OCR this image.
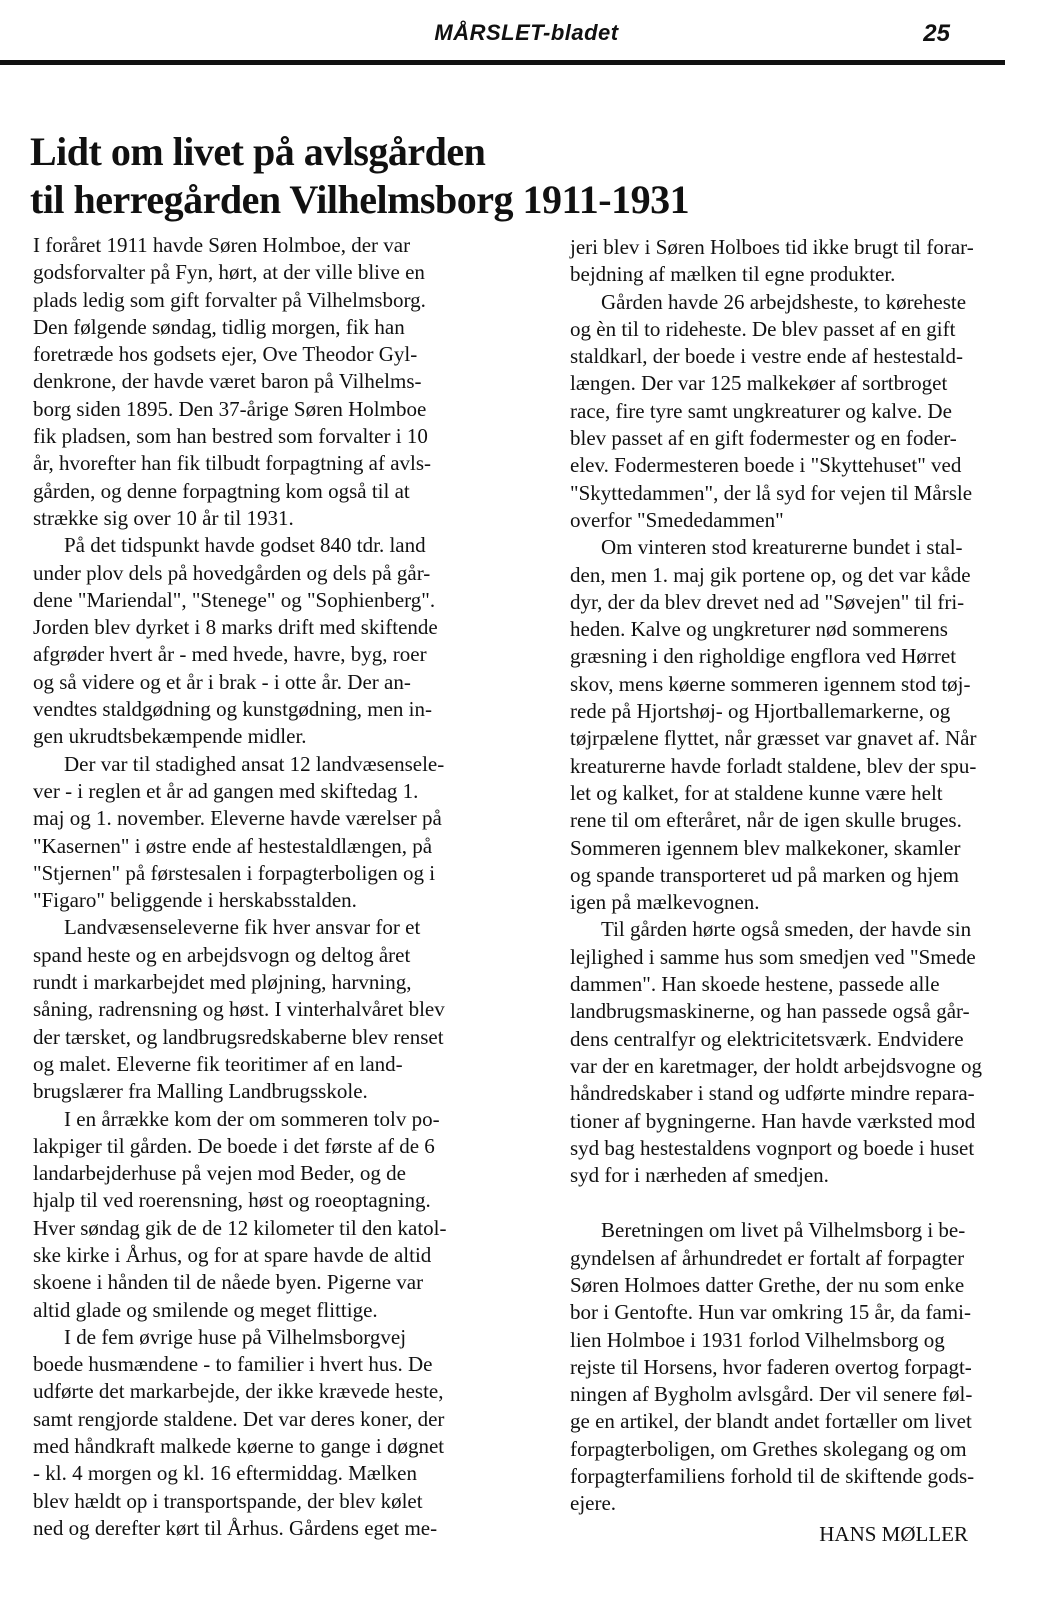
MÅRSLET-bladet	25
Lidt om livet på avlsgården
til herregården Vilhelmsborg 1911-1931
I foråret 1911 havde Søren Holmboe, der var
godsforvalter på Fyn, hørt, at der ville blive en
plads ledig som gift forvalter på Vilhelmsborg.
Den følgende søndag, tidlig morgen, fik han
foretræde hos godsets ejer, Ove Theodor Gyl-
denkrone, der havde været baron på Vilhelms-
borg siden 1895. Den 37-årige Søren Holmboe
fik pladsen, som han bestred som forvalter i 10
år, hvorefter han fik tilbudt forpagtning af avls-
gården, og denne forpagtning kom også til at
strække sig over 10 år til 1931.
På det tidspunkt havde godset 840 tdr. land
under plov dels på hovedgården og dels på går-
dene "Mariendal", "Stenege" og "Sophienberg".
Jorden blev dyrket i 8 marks drift med skiftende
afgrøder hvert år - med hvede, havre, byg, roer
og så videre og et år i brak - i otte år. Der an-
vendtes staldgødning og kunstgødning, men in-
gen ukrudtsbekæmpende midler.
Der var til stadighed ansat 12 landvæsensele-
ver - i reglen et år ad gangen med skiftedag 1.
maj og 1. november. Eleverne havde værelser på
"Kasernen" i østre ende af hestestaldlængen, på
"Stjernen" på førstesalen i forpagterboligen og i
"Figaro" beliggende i herskabsstalden.
Landvæsenseleverne fik hver ansvar for et
spand heste og en arbejdsvogn og deltog året
rundt i markarbejdet med pløjning, harvning,
såning, radrensning og høst. I vinterhalvåret blev
der tærsket, og landbrugsredskaberne blev renset
og malet. Eleverne fik teoritimer af en land-
brugslærer fra Malling Landbrugsskole.
I en årrække kom der om sommeren tolv po-
lakpiger til gården. De boede i det første af de 6
landarbejderhuse på vejen mod Beder, og de
hjalp til ved roerensning, høst og roeoptagning.
Hver søndag gik de de 12 kilometer til den katol-
ske kirke i Århus, og for at spare havde de altid
skoene i hånden til de nåede byen. Pigerne var
altid glade og smilende og meget flittige.
I de fem øvrige huse på Vilhelmsborgvej
boede husmændene - to familier i hvert hus. De
udførte det markarbejde, der ikke krævede heste,
samt rengjorde staldene. Det var deres koner, der
med håndkraft malkede køerne to gange i døgnet
- kl. 4 morgen og kl. 16 eftermiddag. Mælken
blev hældt op i transportspande, der blev kølet
ned og derefter kørt til Århus. Gårdens eget me-
jeri blev i Søren Holboes tid ikke brugt til forar-
bejdning af mælken til egne produkter.
Gården havde 26 arbejdsheste, to køreheste
og èn til to rideheste. De blev passet af en gift
staldkarl, der boede i vestre ende af hestestald-
længen. Der var 125 malkekøer af sortbroget
race, fire tyre samt ungkreaturer og kalve. De
blev passet af en gift fodermester og en foder-
elev. Fodermesteren boede i "Skyttehuset" ved
"Skyttedammen", der lå syd for vejen til Mårsle
overfor "Smededammen"
Om vinteren stod kreaturerne bundet i stal-
den, men 1. maj gik portene op, og det var kåde
dyr, der da blev drevet ned ad "Søvejen" til fri-
heden. Kalve og ungkreturer nød sommerens
græsning i den righoldige engflora ved Hørret
skov, mens køerne sommeren igennem stod tøj-
rede på Hjortshøj- og Hjortballemarkerne, og
tøjrpælene flyttet, når græsset var gnavet af. Når
kreaturerne havde forladt staldene, blev der spu-
let og kalket, for at staldene kunne være helt
rene til om efteråret, når de igen skulle bruges.
Sommeren igennem blev malkekoner, skamler
og spande transporteret ud på marken og hjem
igen på mælkevognen.
Til gården hørte også smeden, der havde sin
lejlighed i samme hus som smedjen ved "Smede
dammen". Han skoede hestene, passede alle
landbrugsmaskinerne, og han passede også går-
dens centralfyr og elektricitetsværk. Endvidere
var der en karetmager, der holdt arbejdsvogne og
håndredskaber i stand og udførte mindre repara-
tioner af bygningerne. Han havde værksted mod
syd bag hestestaldens vognport og boede i huset
syd for i nærheden af smedjen.
Beretningen om livet på Vilhelmsborg i be-
gyndelsen af århundredet er fortalt af forpagter
Søren Holmoes datter Grethe, der nu som enke
bor i Gentofte. Hun var omkring 15 år, da fami-
lien Holmboe i 1931 forlod Vilhelmsborg og
rejste til Horsens, hvor faderen overtog forpagt-
ningen af Bygholm avlsgård. Der vil senere føl-
ge en artikel, der blandt andet fortæller om livet
forpagterboligen, om Grethes skolegang og om
forpagterfamiliens forhold til de skiftende gods-
ejere.
HANS MØLLER
